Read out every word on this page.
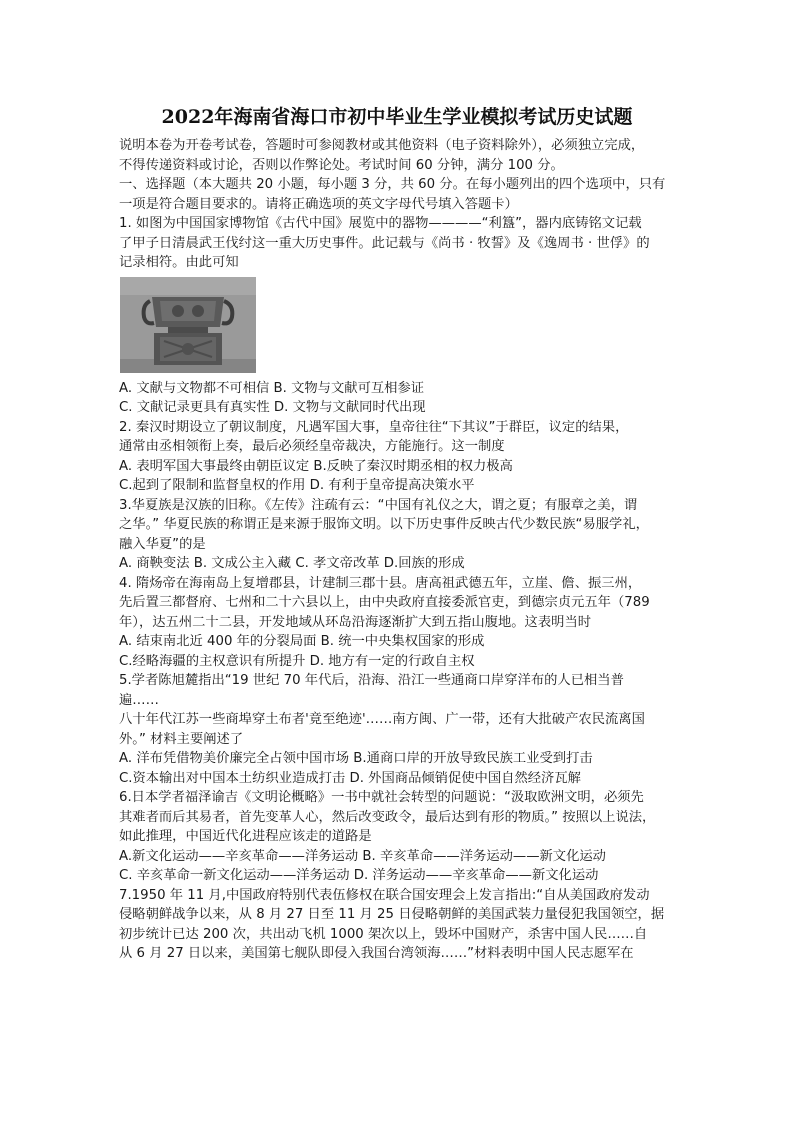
2022年海南省海口市初中毕业生学业模拟考试历史试题
说明本卷为开卷考试卷，答题时可参阅教材或其他资料（电子资料除外），必须独立完成，
不得传递资料或讨论，否则以作弊论处。考试时间 60 分钟，满分 100 分。
一、选择题（本大题共 20 小题，每小题 3 分，共 60 分。在每小题列出的四个选项中，只有
一项是符合题目要求的。请将正确选项的英文字母代号填入答题卡）
1. 如图为中国国家博物馆《古代中国》展览中的器物————“利簋”，器内底铸铭文记载
了甲子日清晨武王伐纣这一重大历史事件。此记载与《尚书 · 牧誓》及《逸周书 · 世俘》的
记录相符。由此可知
A. 文献与文物都不可相信 B. 文物与文献可互相参证
C. 文献记录更具有真实性 D. 文物与文献同时代出现
2. 秦汉时期设立了朝议制度，凡遇军国大事，皇帝往往“下其议”于群臣，议定的结果，
通常由丞相领衔上奏，最后必须经皇帝裁决，方能施行。这一制度
A. 表明军国大事最终由朝臣议定 B.反映了秦汉时期丞相的权力极高
C.起到了限制和监督皇权的作用 D. 有利于皇帝提高决策水平
3.华夏族是汉族的旧称。《左传》注疏有云：“中国有礼仪之大，谓之夏；有服章之美，谓
之华。” 华夏民族的称谓正是来源于服饰文明。以下历史事件反映古代少数民族“易服学礼，
融入华夏”的是
A. 商鞅变法 B. 文成公主入藏 C. 孝文帝改革 D.回族的形成
4. 隋炀帝在海南岛上复增郡县，计建制三郡十县。唐高祖武德五年，立崖、儋、振三州，
先后置三都督府、七州和二十六县以上，由中央政府直接委派官吏，到德宗贞元五年（789
年），达五州二十二县，开发地域从环岛沿海逐渐扩大到五指山腹地。这表明当时
A. 结束南北近 400 年的分裂局面 B. 统一中央集权国家的形成
C.经略海疆的主权意识有所提升 D. 地方有一定的行政自主权
5.学者陈旭麓指出“19 世纪 70 年代后，沿海、沿江一些通商口岸穿洋布的人已相当普
遍……
八十年代江苏一些商埠穿土布者'竟至绝迹'……南方闽、广一带，还有大批破产农民流离国
外。” 材料主要阐述了
A. 洋布凭借物美价廉完全占领中国市场 B.通商口岸的开放导致民族工业受到打击
C.资本输出对中国本土纺织业造成打击 D. 外国商品倾销促使中国自然经济瓦解
6.日本学者福泽谕吉《文明论概略》一书中就社会转型的问题说：“汲取欧洲文明，必须先
其难者而后其易者，首先变革人心，然后改变政令，最后达到有形的物质。” 按照以上说法，
如此推理，中国近代化进程应该走的道路是
A.新文化运动——辛亥革命——洋务运动 B. 辛亥革命——洋务运动——新文化运动
C. 辛亥革命一新文化运动——洋务运动 D. 洋务运动——辛亥革命——新文化运动
7.1950 年 11 月,中国政府特别代表伍修权在联合国安理会上发言指出:“自从美国政府发动
侵略朝鲜战争以来，从 8 月 27 日至 11 月 25 日侵略朝鲜的美国武装力量侵犯我国领空，据
初步统计已达 200 次，共出动飞机 1000 架次以上，毁坏中国财产，杀害中国人民……自
从 6 月 27 日以来，美国第七舰队即侵入我国台湾领海……”材料表明中国人民志愿军在
